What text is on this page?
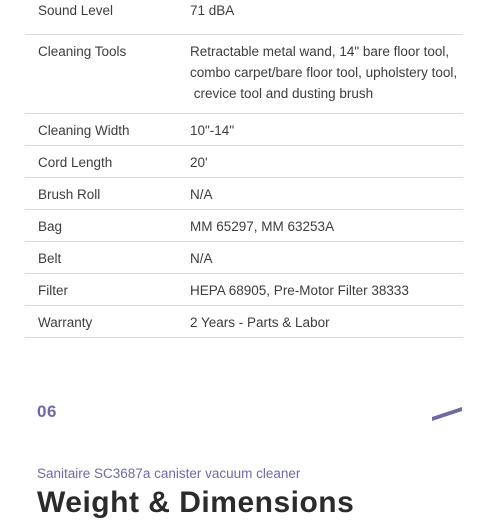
Sound Level	71 dBA
Cleaning Tools	Retractable metal wand, 14" bare floor tool,
combo carpet/bare floor tool, upholstery tool,
crevice tool and dusting brush

Cleaning Width	10"-14"
Cord Length	20'
Brush Roll	N/A
Bag	MM 65297, MM 63253A
Belt	N/A
Filter	HEPA 68905, Pre-Motor Filter 38333
Warranty	2 Years - Parts & Labor
06
Sanitaire SC3687a canister vacuum cleaner
Weight & Dimensions
